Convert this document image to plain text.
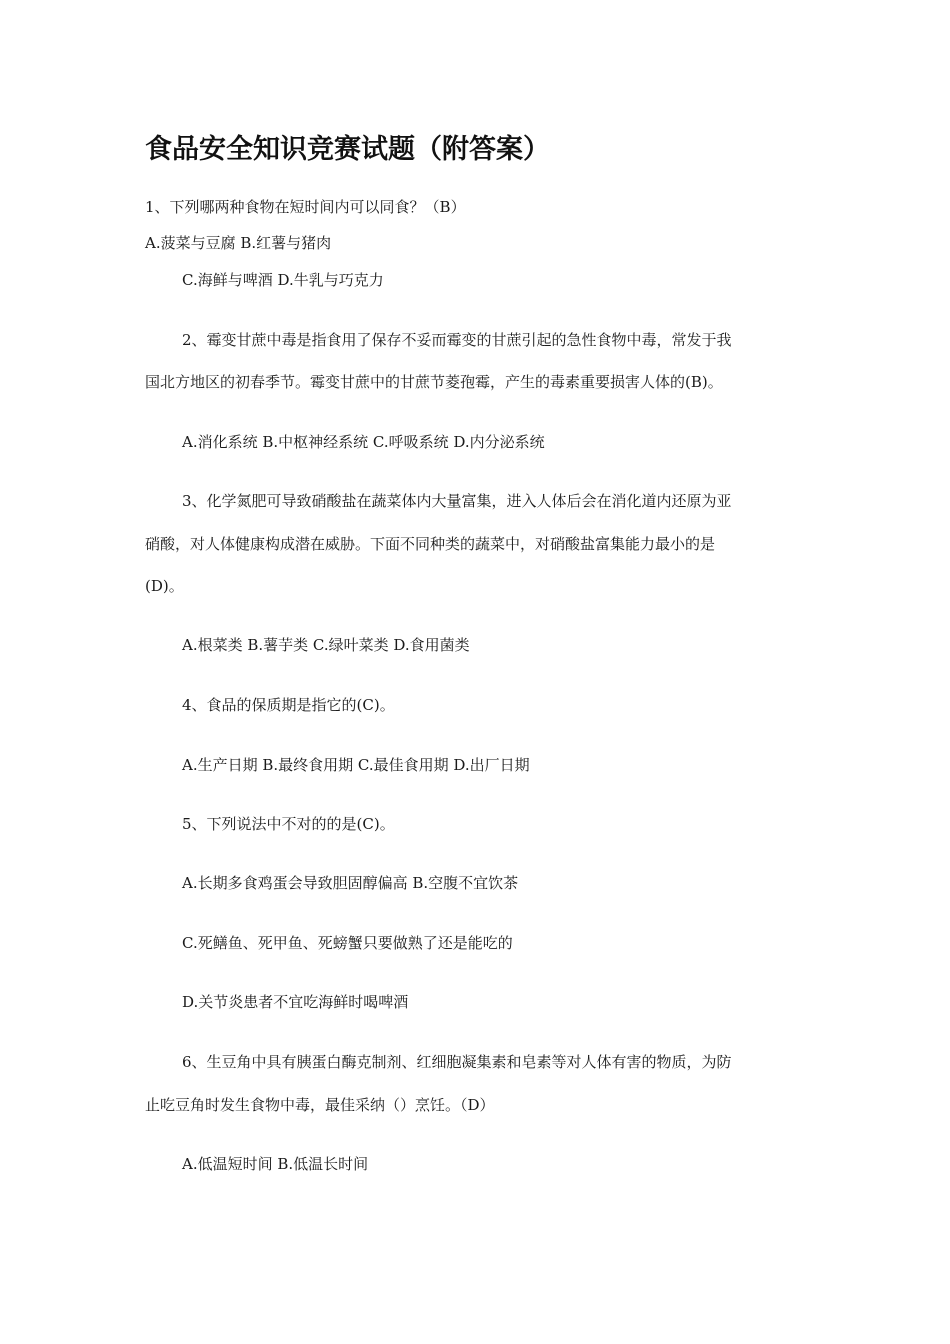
食品安全知识竞赛试题（附答案）
1、下列哪两种食物在短时间内可以同食？（B）
A.菠菜与豆腐 B.红薯与猪肉
C.海鲜与啤酒 D.牛乳与巧克力
2、霉变甘蔗中毒是指食用了保存不妥而霉变的甘蔗引起的急性食物中毒，常发于我
国北方地区的初春季节。霉变甘蔗中的甘蔗节菱孢霉，产生的毒素重要损害人体的(B)。
A.消化系统 B.中枢神经系统 C.呼吸系统 D.内分泌系统
3、化学氮肥可导致硝酸盐在蔬菜体内大量富集，进入人体后会在消化道内还原为亚
硝酸，对人体健康构成潜在威胁。下面不同种类的蔬菜中，对硝酸盐富集能力最小的是
(D)。
A.根菜类 B.薯芋类 C.绿叶菜类 D.食用菌类
4、食品的保质期是指它的(C)。
A.生产日期 B.最终食用期 C.最佳食用期 D.出厂日期
5、下列说法中不对的的是(C)。
A.长期多食鸡蛋会导致胆固醇偏高 B.空腹不宜饮茶
C.死鳝鱼、死甲鱼、死螃蟹只要做熟了还是能吃的
D.关节炎患者不宜吃海鲜时喝啤酒
6、生豆角中具有胰蛋白酶克制剂、红细胞凝集素和皂素等对人体有害的物质，为防
止吃豆角时发生食物中毒，最佳采纳（）烹饪。（D）
A.低温短时间 B.低温长时间
